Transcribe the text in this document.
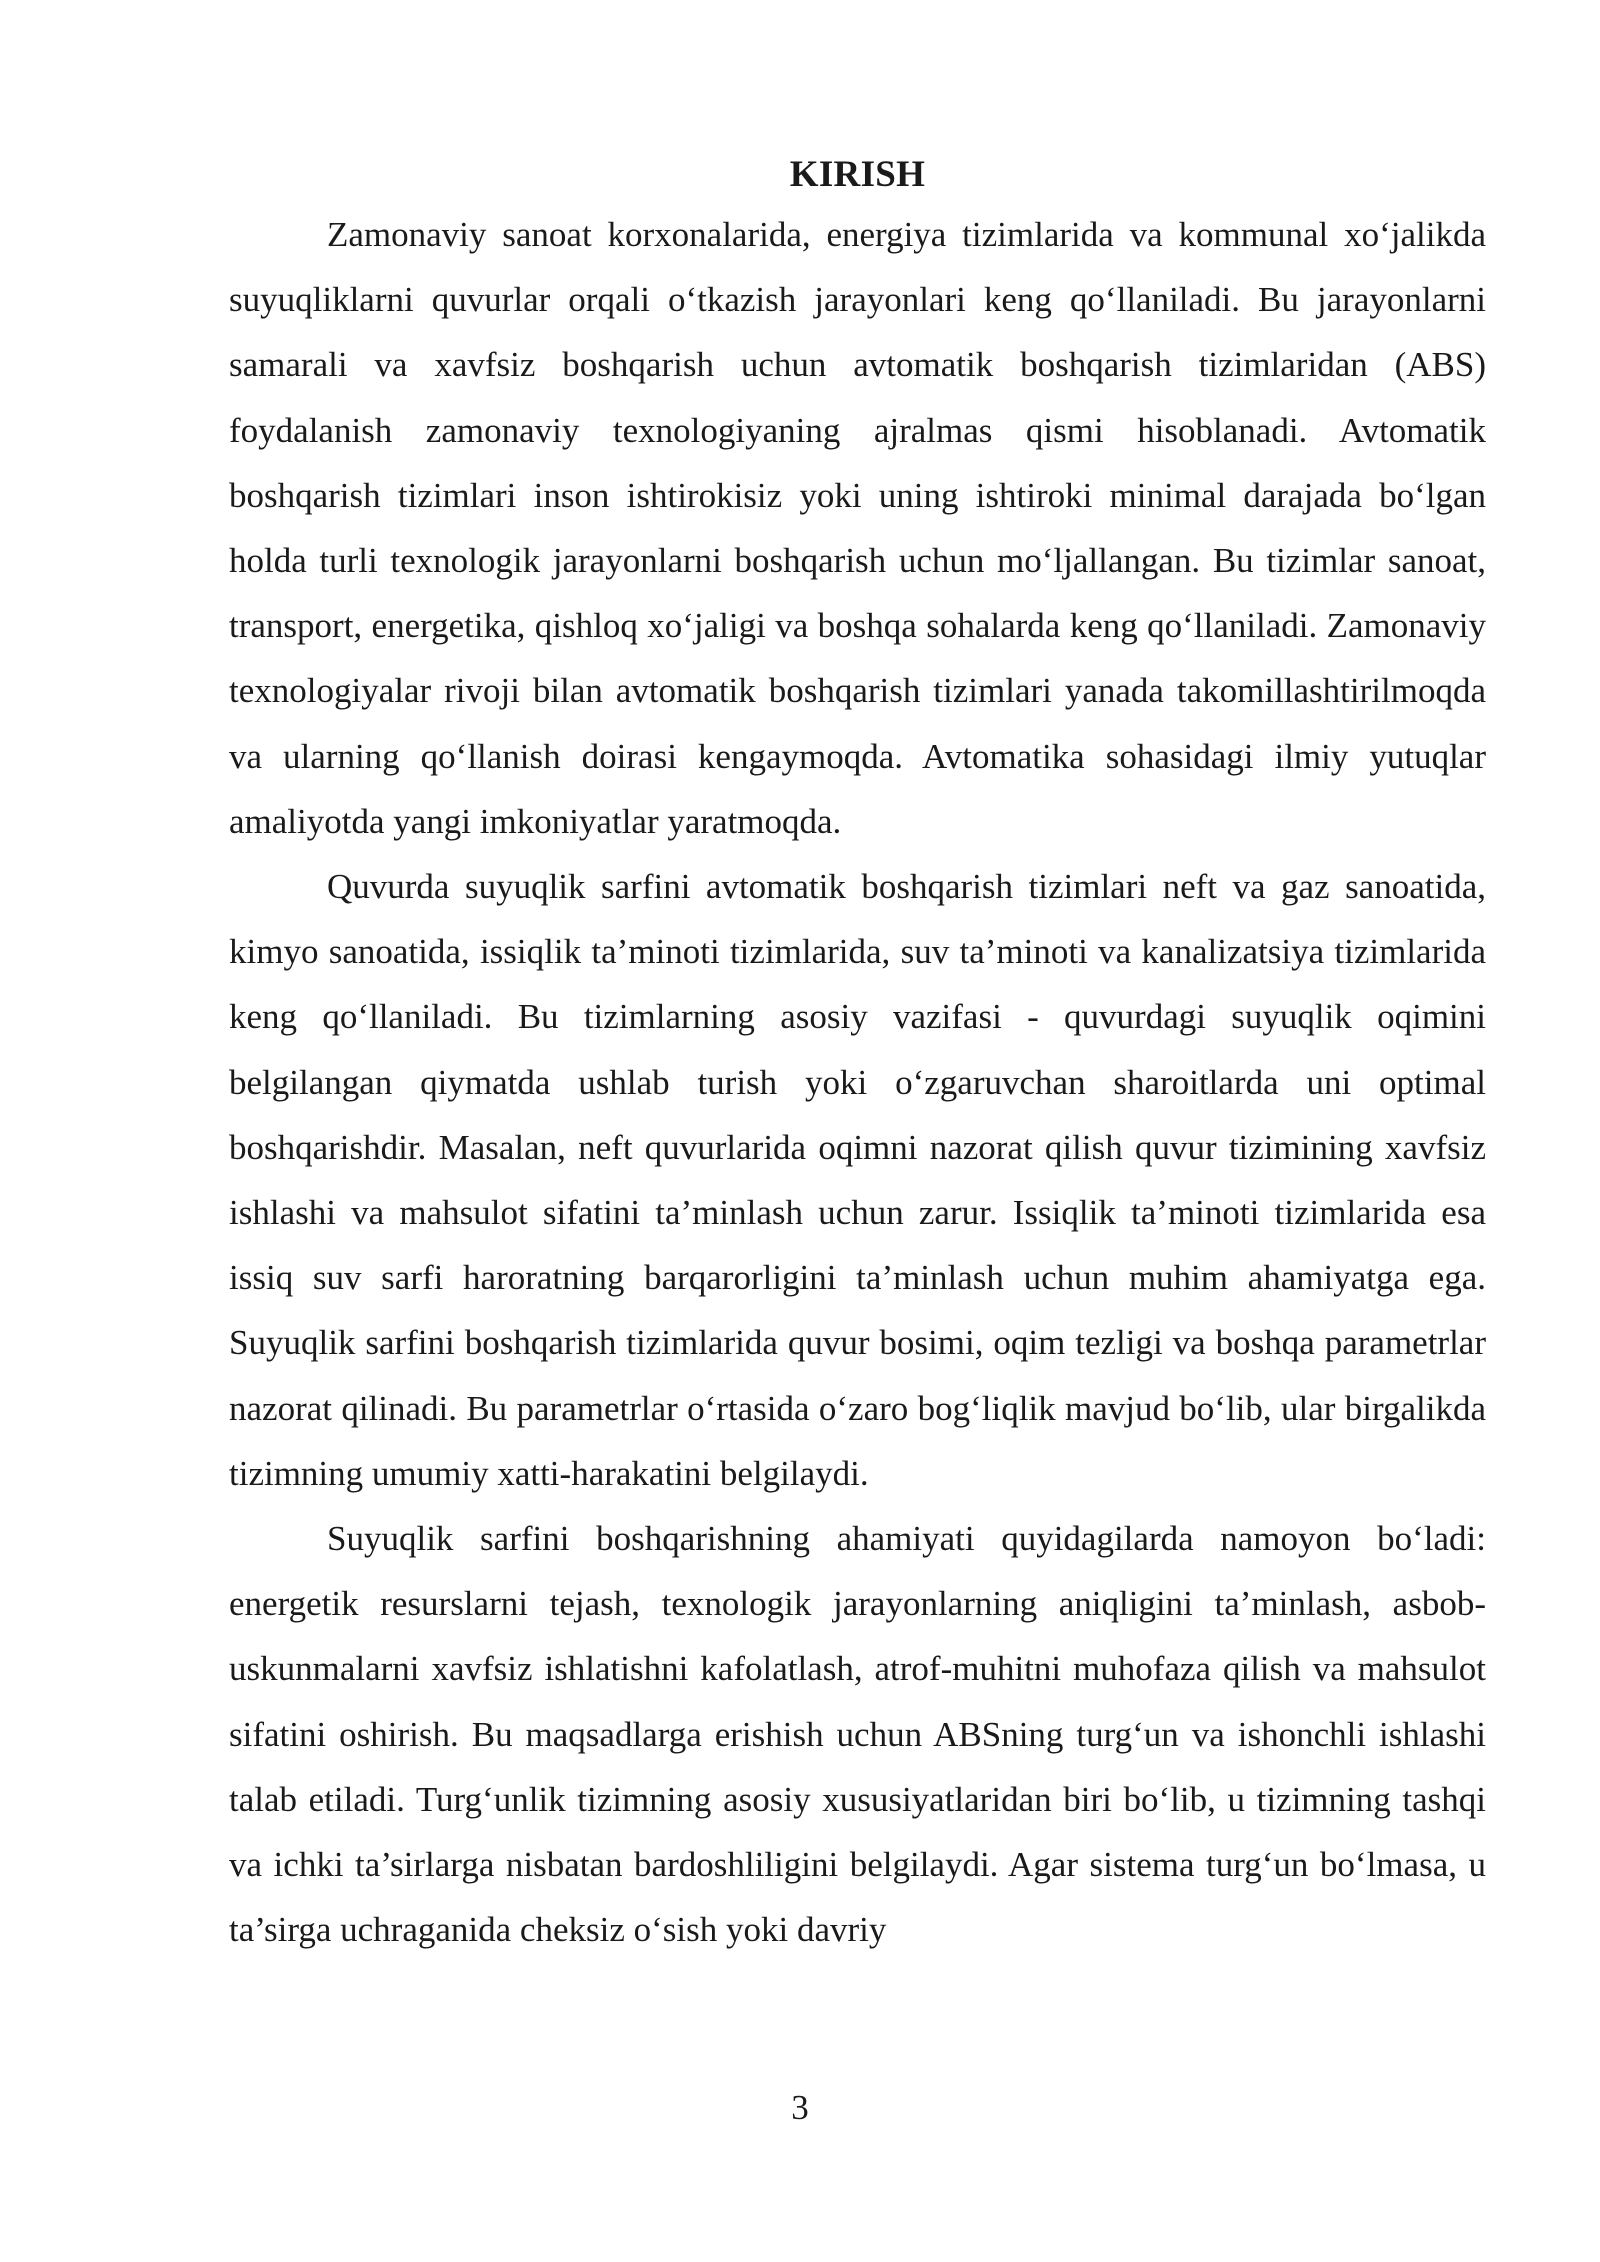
KIRISH

Zamonaviy sanoat korxonalarida, energiya tizimlarida va kommunal xo‘jalikda suyuqliklarni quvurlar orqali o‘tkazish jarayonlari keng qo‘llaniladi. Bu jarayonlarni samarali va xavfsiz boshqarish uchun avtomatik boshqarish tizimlaridan (ABS) foydalanish zamonaviy texnologiyaning ajralmas qismi hisoblanadi. Avtomatik boshqarish tizimlari inson ishtirokisiz yoki uning ishtiroki minimal darajada bo‘lgan holda turli texnologik jarayonlarni boshqarish uchun mo‘ljallangan. Bu tizimlar sanoat, transport, energetika, qishloq xo‘jaligi va boshqa sohalarda keng qo‘llaniladi. Zamonaviy texnologiyalar rivoji bilan avtomatik boshqarish tizimlari yanada takomillashtirilmoqda va ularning qo‘llanish doirasi kengaymoqda. Avtomatika sohasidagi ilmiy yutuqlar amaliyotda yangi imkoniyatlar yaratmoqda.

Quvurda suyuqlik sarfini avtomatik boshqarish tizimlari neft va gaz sanoatida, kimyo sanoatida, issiqlik ta’minoti tizimlarida, suv ta’minoti va kanalizatsiya tizimlarida keng qo‘llaniladi. Bu tizimlarning asosiy vazifasi - quvurdagi suyuqlik oqimini belgilangan qiymatda ushlab turish yoki o‘zgaruvchan sharoitlarda uni optimal boshqarishdir. Masalan, neft quvurlarida oqimni nazorat qilish quvur tizimining xavfsiz ishlashi va mahsulot sifatini ta’minlash uchun zarur. Issiqlik ta’minoti tizimlarida esa issiq suv sarfi haroratning barqarorligini ta’minlash uchun muhim ahamiyatga ega. Suyuqlik sarfini boshqarish tizimlarida quvur bosimi, oqim tezligi va boshqa parametrlar nazorat qilinadi. Bu parametrlar o‘rtasida o‘zaro bog‘liqlik mavjud bo‘lib, ular birgalikda tizimning umumiy xatti-harakatini belgilaydi.

Suyuqlik sarfini boshqarishning ahamiyati quyidagilarda namoyon bo‘ladi: energetik resurslarni tejash, texnologik jarayonlarning aniqligini ta’minlash, asbob-uskunmalarni xavfsiz ishlatishni kafolatlash, atrof-muhitni muhofaza qilish va mahsulot sifatini oshirish. Bu maqsadlarga erishish uchun ABSning turg‘un va ishonchli ishlashi talab etiladi. Turg‘unlik tizimning asosiy xususiyatlaridan biri bo‘lib, u tizimning tashqi va ichki ta’sirlarga nisbatan bardoshliligini belgilaydi. Agar sistema turg‘un bo‘lmasa, u ta’sirga uchraganida cheksiz o‘sish yoki davriy

3
